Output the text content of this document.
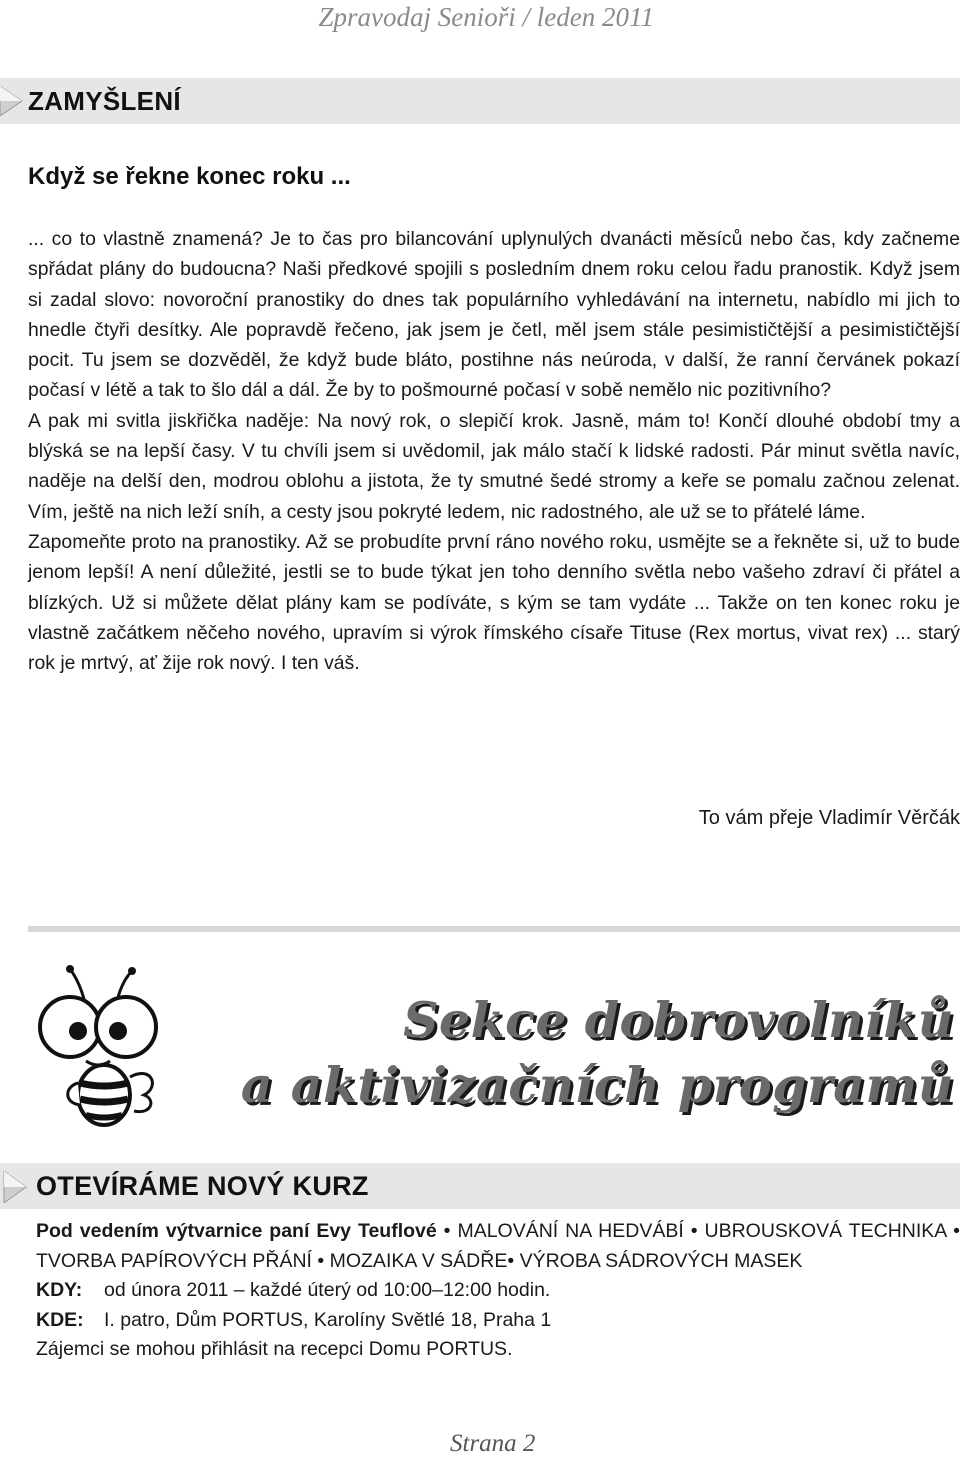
Zpravodaj Senioři / leden 2011
ZAMYŠLENÍ
Když se řekne konec roku ...

... co to vlastně znamená? Je to čas pro bilancování uplynulých dvanácti měsíců nebo čas, kdy začneme spřádat plány do budoucna? Naši předkové spojili s posledním dnem roku celou řadu pranostik. Když jsem si zadal slovo: novoroční pranostiky do dnes tak populárního vyhledávání na internetu, nabídlo mi jich to hnedle čtyři desítky. Ale popravdě řečeno, jak jsem je četl, měl jsem stále pesimističtější a pesimističtější pocit. Tu jsem se dozvěděl, že když bude bláto, postihne nás neúroda, v další, že ranní červánek pokazí počasí v létě a tak to šlo dál a dál. Že by to pošmourné počasí v sobě nemělo nic pozitivního?

A pak mi svitla jiskřička naděje: Na nový rok, o slepičí krok. Jasně, mám to! Končí dlouhé období tmy a blýská se na lepší časy. V tu chvíli jsem si uvědomil, jak málo stačí k lidské radosti. Pár minut světla navíc, naděje na delší den, modrou oblohu a jistota, že ty smutné šedé stromy a keře se pomalu začnou zelenat. Vím, ještě na nich leží sníh, a cesty jsou pokryté ledem, nic radostného, ale už se to přátelé láme.

Zapomeňte proto na pranostiky. Až se probudíte první ráno nového roku, usmějte se a řekněte si, už to bude jenom lepší! A není důležité, jestli se to bude týkat jen toho denního světla nebo vašeho zdraví či přátel a blízkých. Už si můžete dělat plány kam se podíváte, s kým se tam vydáte ... Takže on ten konec roku je vlastně začátkem něčeho nového, upravím si výrok římského císaře Tituse (Rex mortus, vivat rex) ... starý rok je mrtvý, ať žije rok nový. I ten váš.

To vám přeje Vladimír Věrčák
Sekce dobrovolníků
a aktivizačních programů
OTEVÍRÁME NOVÝ KURZ

Pod vedením výtvarnice paní Evy Teuflové • MALOVÁNÍ NA HEDVÁBÍ • UBROUSKOVÁ TECHNIKA • TVORBA PAPÍROVÝCH PŘÁNÍ • MOZAIKA V SÁDŘE• VÝROBA SÁDROVÝCH MASEK

KDY: od února 2011 – každé úterý od 10:00–12:00 hodin.

KDE: I. patro, Dům PORTUS, Karolíny Světlé 18, Praha 1

Zájemci se mohou přihlásit na recepci Domu PORTUS.

Strana 2
